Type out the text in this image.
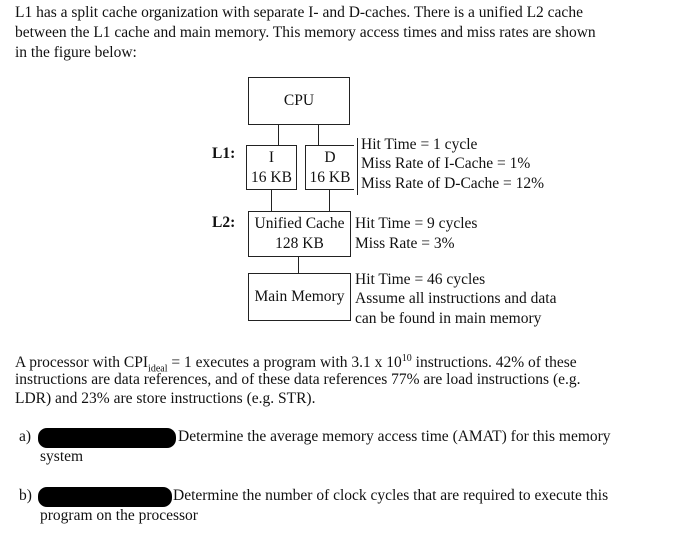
L1 has a split cache organization with separate I- and D-caches. There is a unified L2 cache
between the L1 cache and main memory. This memory access times and miss rates are shown
in the figure below:
CPU
L1:	I
16 KB
D
16 KB
Hit Time = 1 cycle
Miss Rate of I-Cache = 1%
Miss Rate of D-Cache = 12%
L2:	Unified Cache
128 KB
Hit Time = 9 cycles
Miss Rate = 3%
Main Memory
Hit Time = 46 cycles
Assume all instructions and data
can be found in main memory
A processor with $CPI_{ideal} = 1$ executes a program with 3.1 x $10^{10}$ instructions. 42% of these
instructions are data references, and of these data references 77% are load instructions (e.g.
LDR) and 23% are store instructions (e.g. STR).
a)	Determine the average memory access time (AMAT) for this memory
system
b)	Determine the number of clock cycles that are required to execute this
program on the processor
